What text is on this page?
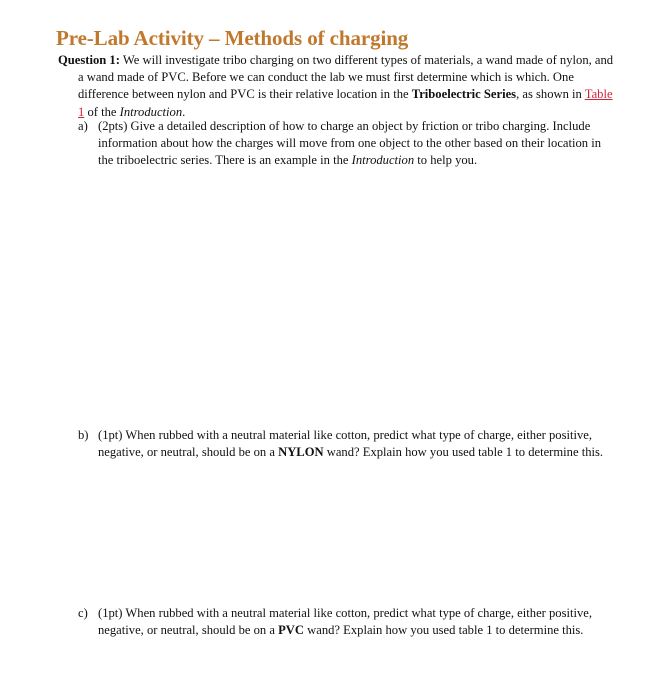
Pre-Lab Activity – Methods of charging
Question 1: We will investigate tribo charging on two different types of materials, a wand made of nylon, and a wand made of PVC. Before we can conduct the lab we must first determine which is which. One difference between nylon and PVC is their relative location in the Triboelectric Series, as shown in Table 1 of the Introduction.
a) (2pts) Give a detailed description of how to charge an object by friction or tribo charging. Include information about how the charges will move from one object to the other based on their location in the triboelectric series. There is an example in the Introduction to help you.
b) (1pt) When rubbed with a neutral material like cotton, predict what type of charge, either positive, negative, or neutral, should be on a NYLON wand? Explain how you used table 1 to determine this.
c) (1pt) When rubbed with a neutral material like cotton, predict what type of charge, either positive, negative, or neutral, should be on a PVC wand? Explain how you used table 1 to determine this.
